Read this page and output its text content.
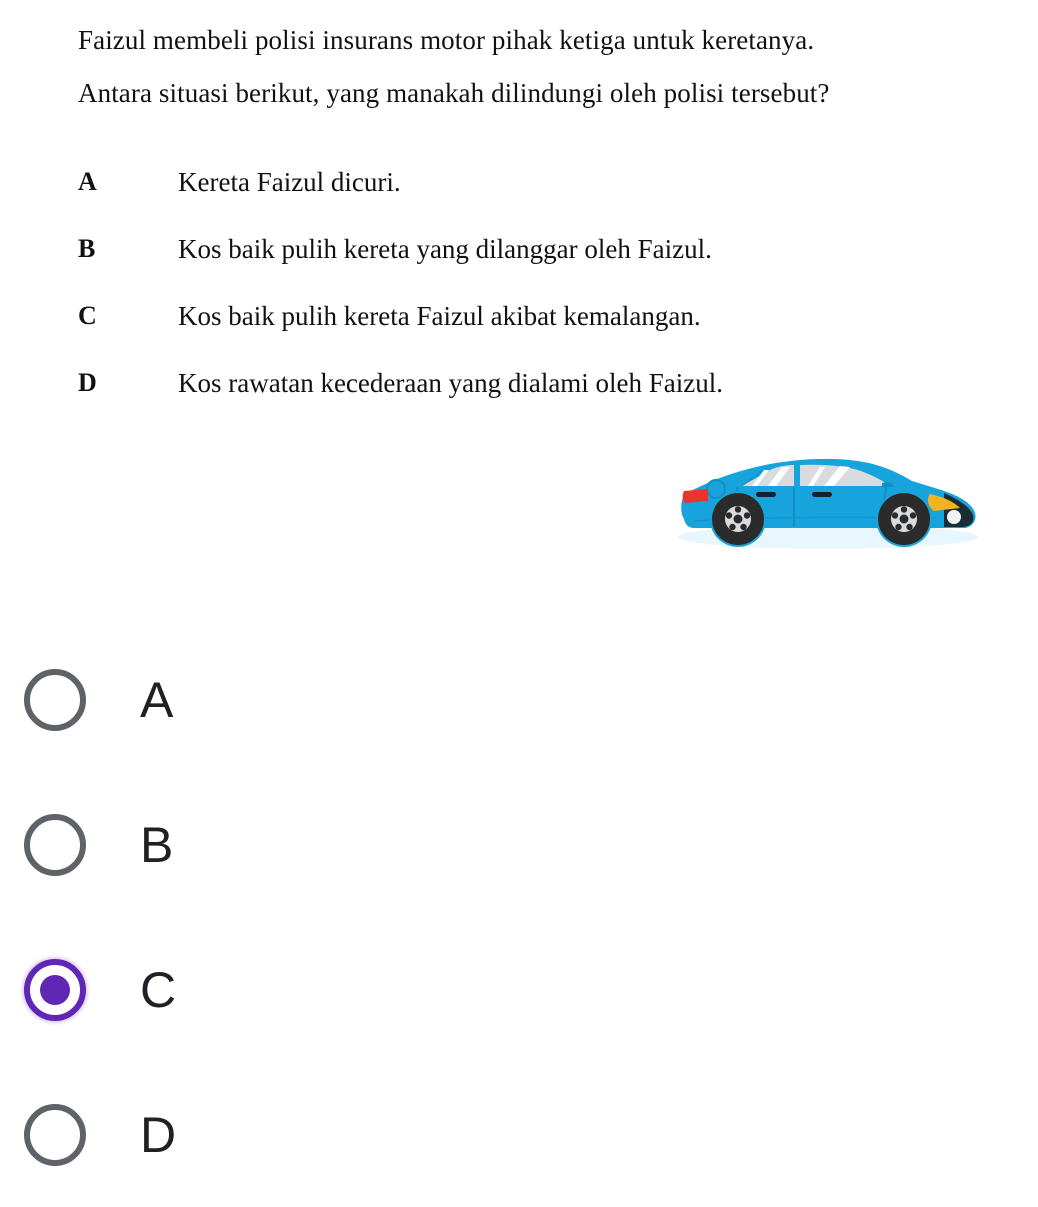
Faizul membeli polisi insurans motor pihak ketiga untuk keretanya.
Antara situasi berikut, yang manakah dilindungi oleh polisi tersebut?
A	Kereta Faizul dicuri.
B	Kos baik pulih kereta yang dilanggar oleh Faizul.
C	Kos baik pulih kereta Faizul akibat kemalangan.
D	Kos rawatan kecederaan yang dialami oleh Faizul.
A
B
C
D
